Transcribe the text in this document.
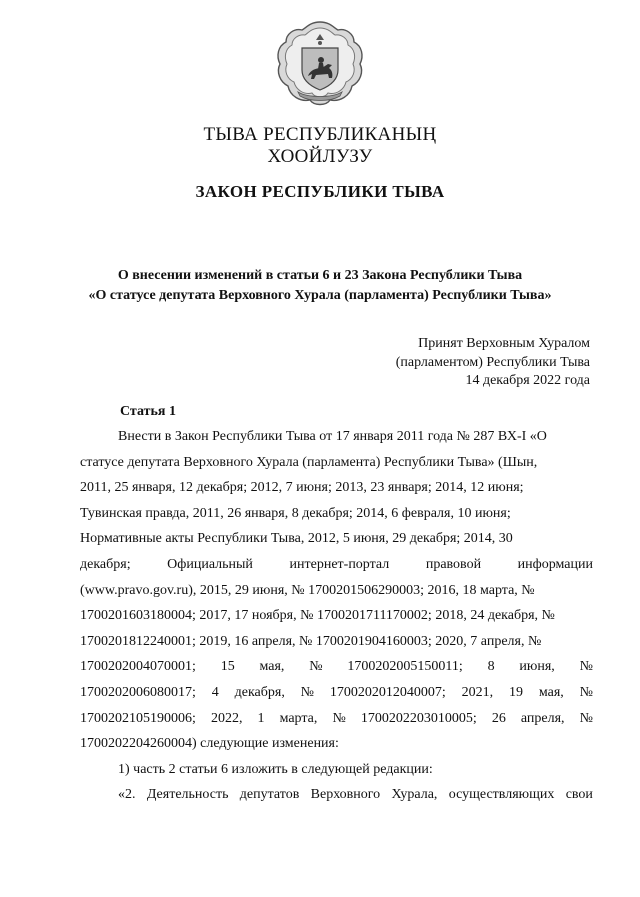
ТЫВА РЕСПУБЛИКАНЫҢ
ХООЙЛУЗУ
ЗАКОН РЕСПУБЛИКИ ТЫВА
О внесении изменений в статьи 6 и 23 Закона Республики Тыва
«О статусе депутата Верховного Хурала (парламента) Республики Тыва»
Принят Верховным Хуралом
(парламентом) Республики Тыва
14 декабря 2022 года
Статья 1
Внести в Закон Республики Тыва от 17 января 2011 года № 287 ВХ-I «О
статусе депутата Верховного Хурала (парламента) Республики Тыва» (Шын,
2011, 25 января, 12 декабря; 2012, 7 июня; 2013, 23 января; 2014, 12 июня;
Тувинская правда, 2011, 26 января, 8 декабря; 2014, 6 февраля, 10 июня;
Нормативные акты Республики Тыва, 2012, 5 июня, 29 декабря; 2014, 30
декабря;	Официальный	интернет-портал	правовой	информации
(www.pravo.gov.ru), 2015, 29 июня, № 1700201506290003; 2016, 18 марта, №
1700201603180004; 2017, 17 ноября, № 1700201711170002; 2018, 24 декабря, №
1700201812240001; 2019, 16 апреля, № 1700201904160003; 2020, 7 апреля, №
1700202004070001; 15 мая, № 1700202005150011; 8 июня, №
1700202006080017; 4 декабря, № 1700202012040007; 2021, 19 мая, №
1700202105190006; 2022, 1 марта, № 1700202203010005; 26 апреля, №
1700202204260004) следующие изменения:
1) часть 2 статьи 6 изложить в следующей редакции:
«2. Деятельность депутатов Верховного Хурала, осуществляющих свои
